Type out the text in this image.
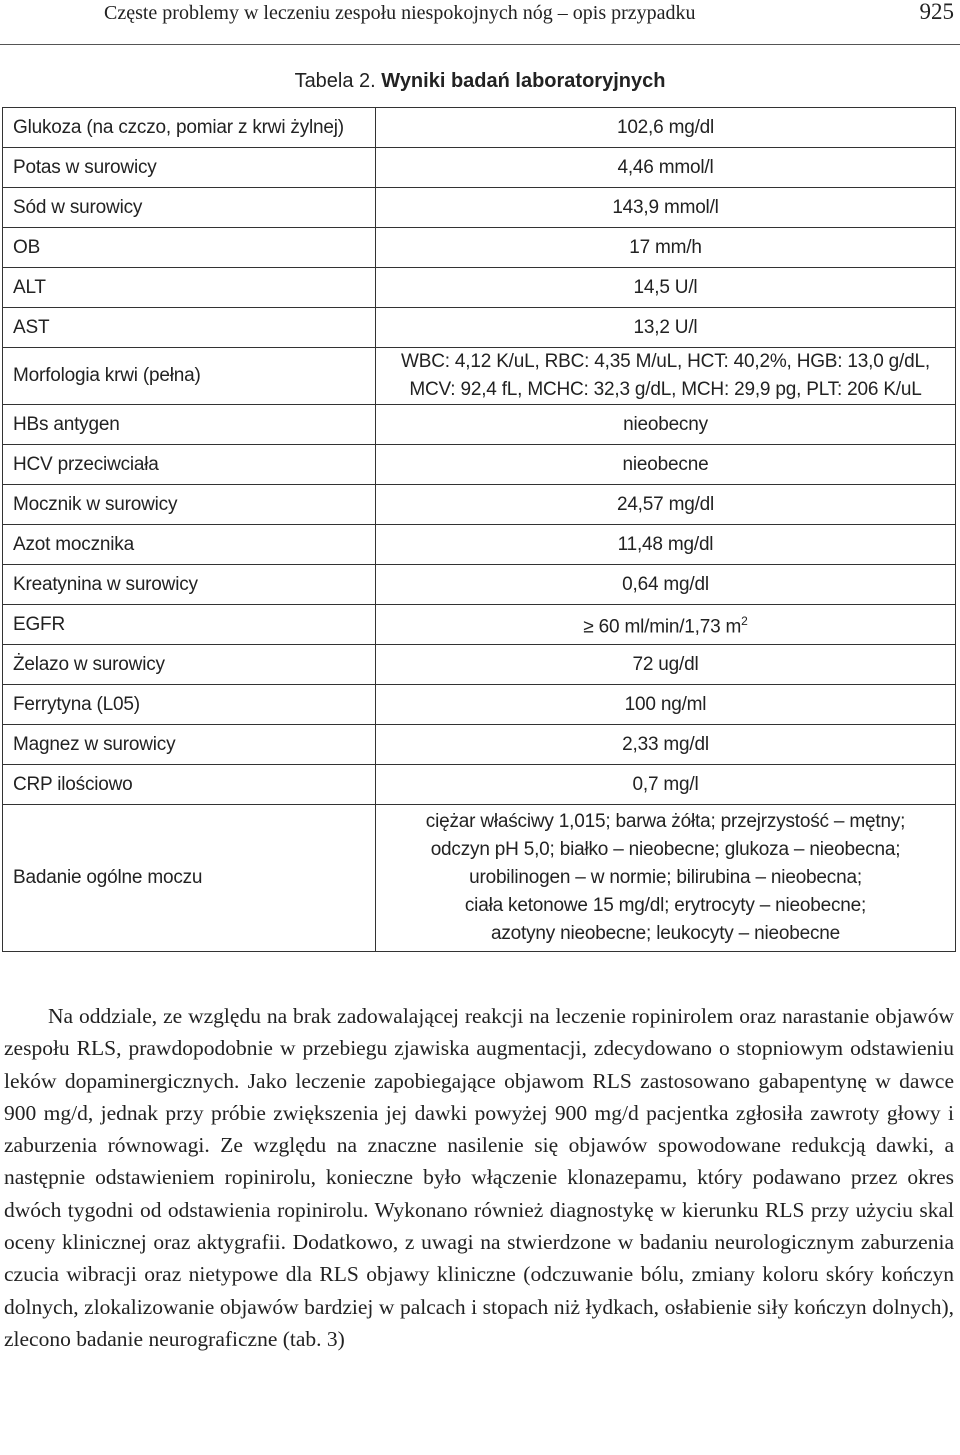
Częste problemy w leczeniu zespołu niespokojnych nóg – opis przypadku	925
Tabela 2. Wyniki badań laboratoryjnych
Glukoza (na czczo, pomiar z krwi żylnej)	102,6 mg/dl
Potas w surowicy	4,46 mmol/l
Sód w surowicy	143,9 mmol/l
OB	17 mm/h
ALT	14,5 U/l
AST	13,2 U/l
Morfologia krwi (pełna)	WBC: 4,12 K/uL, RBC: 4,35 M/uL, HCT: 40,2%, HGB: 13,0 g/dL,
MCV: 92,4 fL, MCHC: 32,3 g/dL, MCH: 29,9 pg, PLT: 206 K/uL

HBs antygen	nieobecny
HCV przeciwciała	nieobecne
Mocznik w surowicy	24,57 mg/dl
Azot mocznika	11,48 mg/dl
Kreatynina w surowicy	0,64 mg/dl
EGFR	≥ 60 ml/min/1,73 $m^2$
Żelazo w surowicy	72 ug/dl
Ferrytyna (L05)	100 ng/ml
Magnez w surowicy	2,33 mg/dl
CRP ilościowo	0,7 mg/l
Badanie ogólne moczu	ciężar właściwy 1,015; barwa żółta; przejrzystość – mętny;
odczyn pH 5,0; białko – nieobecne; glukoza – nieobecna;
urobilinogen – w normie; bilirubina – nieobecna;
ciała ketonowe 15 mg/dl; erytrocyty – nieobecne;
azotyny nieobecne; leukocyty – nieobecne

Na oddziale, ze względu na brak zadowalającej reakcji na leczenie ropinirolem oraz narastanie objawów zespołu RLS, prawdopodobnie w przebiegu zjawiska augmentacji, zdecydowano o stopniowym odstawieniu leków dopaminergicznych. Jako leczenie zapobiegające objawom RLS zastosowano gabapentynę w dawce 900 mg/d, jednak przy próbie zwiększenia jej dawki powyżej 900 mg/d pacjentka zgłosiła zawroty głowy i zaburzenia równowagi. Ze względu na znaczne nasilenie się objawów spowodowane redukcją dawki, a następnie odstawieniem ropinirolu, konieczne było włączenie klonazepamu, który podawano przez okres dwóch tygodni od odstawienia ropinirolu. Wykonano również diagnostykę w kierunku RLS przy użyciu skal oceny klinicznej oraz aktygrafii. Dodatkowo, z uwagi na stwierdzone w badaniu neurologicznym zaburzenia czucia wibracji oraz nietypowe dla RLS objawy kliniczne (odczuwanie bólu, zmiany koloru skóry kończyn dolnych, zlokalizowanie objawów bardziej w palcach i stopach niż łydkach, osłabienie siły kończyn dolnych), zlecono badanie neurograficzne (tab. 3)
